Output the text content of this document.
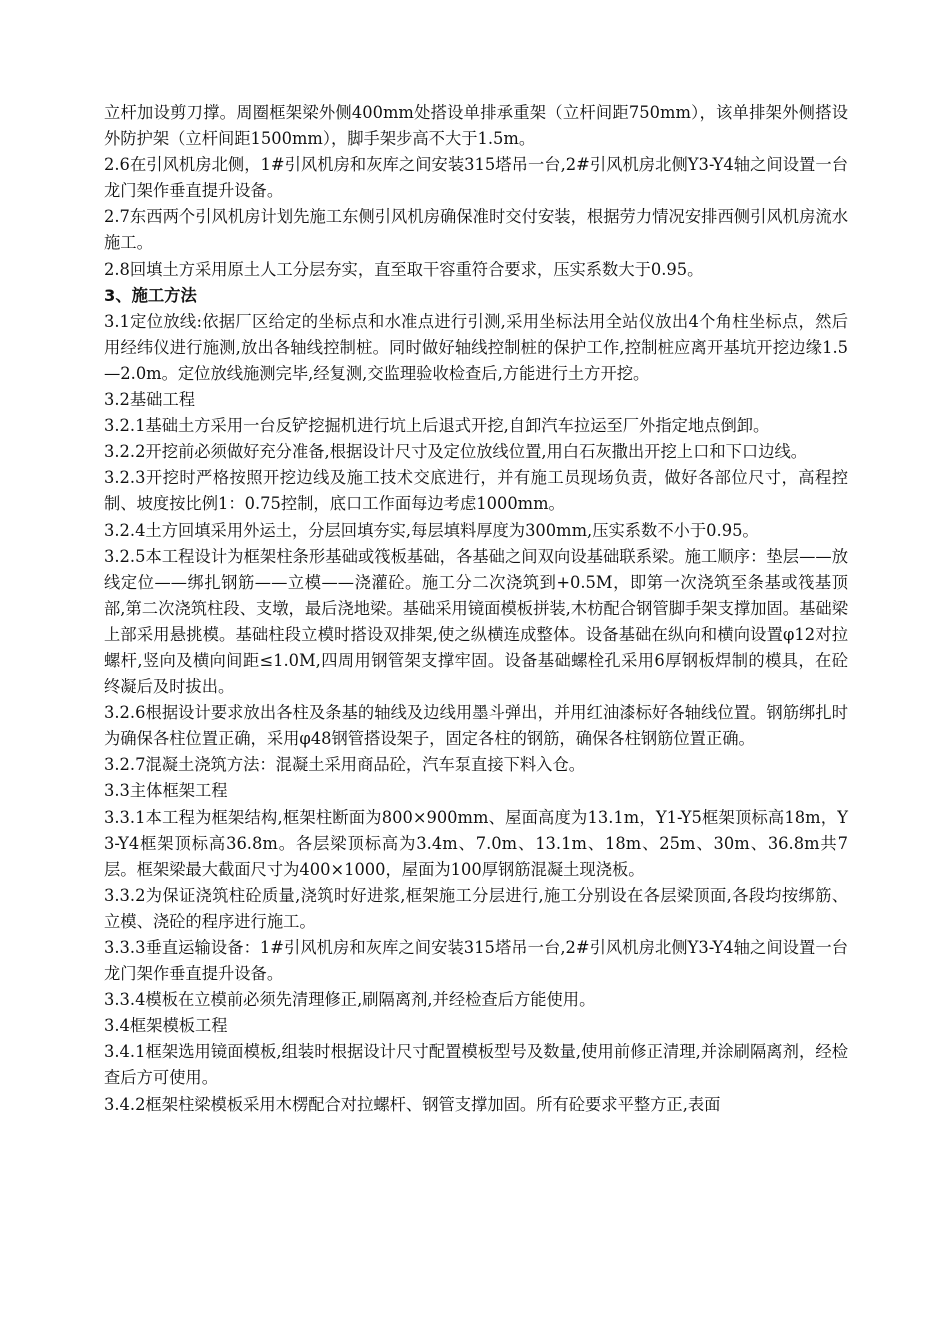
立杆加设剪刀撑。周圈框架梁外侧400mm处搭设单排承重架（立杆间距750mm），该单排架外侧搭设外防护架（立杆间距1500mm），脚手架步高不大于1.5m。

2.6在引风机房北侧，1#引风机房和灰库之间安装315塔吊一台,2#引风机房北侧Y3-Y4轴之间设置一台龙门架作垂直提升设备。

2.7东西两个引风机房计划先施工东侧引风机房确保准时交付安装，根据劳力情况安排西侧引风机房流水施工。

2.8回填土方采用原土人工分层夯实，直至取干容重符合要求，压实系数大于0.95。

3、施工方法

3.1定位放线:依据厂区给定的坐标点和水准点进行引测,采用坐标法用全站仪放出4个角柱坐标点，然后用经纬仪进行施测,放出各轴线控制桩。同时做好轴线控制桩的保护工作,控制桩应离开基坑开挖边缘1.5—2.0m。定位放线施测完毕,经复测,交监理验收检查后,方能进行土方开挖。

3.2基础工程

3.2.1基础土方采用一台反铲挖掘机进行坑上后退式开挖,自卸汽车拉运至厂外指定地点倒卸。

3.2.2开挖前必须做好充分准备,根据设计尺寸及定位放线位置,用白石灰撒出开挖上口和下口边线。

3.2.3开挖时严格按照开挖边线及施工技术交底进行，并有施工员现场负责，做好各部位尺寸，高程控制、坡度按比例1：0.75控制，底口工作面每边考虑1000mm。

3.2.4土方回填采用外运土，分层回填夯实,每层填料厚度为300mm,压实系数不小于0.95。

3.2.5本工程设计为框架柱条形基础或筏板基础，各基础之间双向设基础联系梁。施工顺序：垫层——放线定位——绑扎钢筋——立模——浇灌砼。施工分二次浇筑到+0.5M，即第一次浇筑至条基或筏基顶部,第二次浇筑柱段、支墩，最后浇地梁。基础采用镜面模板拼装,木枋配合钢管脚手架支撑加固。基础梁上部采用悬挑模。基础柱段立模时搭设双排架,使之纵横连成整体。设备基础在纵向和横向设置φ12对拉螺杆,竖向及横向间距≤1.0M,四周用钢管架支撑牢固。设备基础螺栓孔采用6厚钢板焊制的模具，在砼终凝后及时拔出。

3.2.6根据设计要求放出各柱及条基的轴线及边线用墨斗弹出，并用红油漆标好各轴线位置。钢筋绑扎时为确保各柱位置正确，采用φ48钢管搭设架子，固定各柱的钢筋，确保各柱钢筋位置正确。

3.2.7混凝土浇筑方法：混凝土采用商品砼，汽车泵直接下料入仓。

3.3主体框架工程

3.3.1本工程为框架结构,框架柱断面为800×900mm、屋面高度为13.1m，Y1-Y5框架顶标高18m，Y3-Y4框架顶标高36.8m。各层梁顶标高为3.4m、7.0m、13.1m、18m、25m、30m、36.8m共7层。框架梁最大截面尺寸为400×1000，屋面为100厚钢筋混凝土现浇板。

3.3.2为保证浇筑柱砼质量,浇筑时好进浆,框架施工分层进行,施工分别设在各层梁顶面,各段均按绑筋、立模、浇砼的程序进行施工。

3.3.3垂直运输设备：1#引风机房和灰库之间安装315塔吊一台,2#引风机房北侧Y3-Y4轴之间设置一台龙门架作垂直提升设备。

3.3.4模板在立模前必须先清理修正,刷隔离剂,并经检查后方能使用。

3.4框架模板工程

3.4.1框架选用镜面模板,组装时根据设计尺寸配置模板型号及数量,使用前修正清理,并涂刷隔离剂，经检查后方可使用。

3.4.2框架柱梁模板采用木楞配合对拉螺杆、钢管支撑加固。所有砼要求平整方正,表面
